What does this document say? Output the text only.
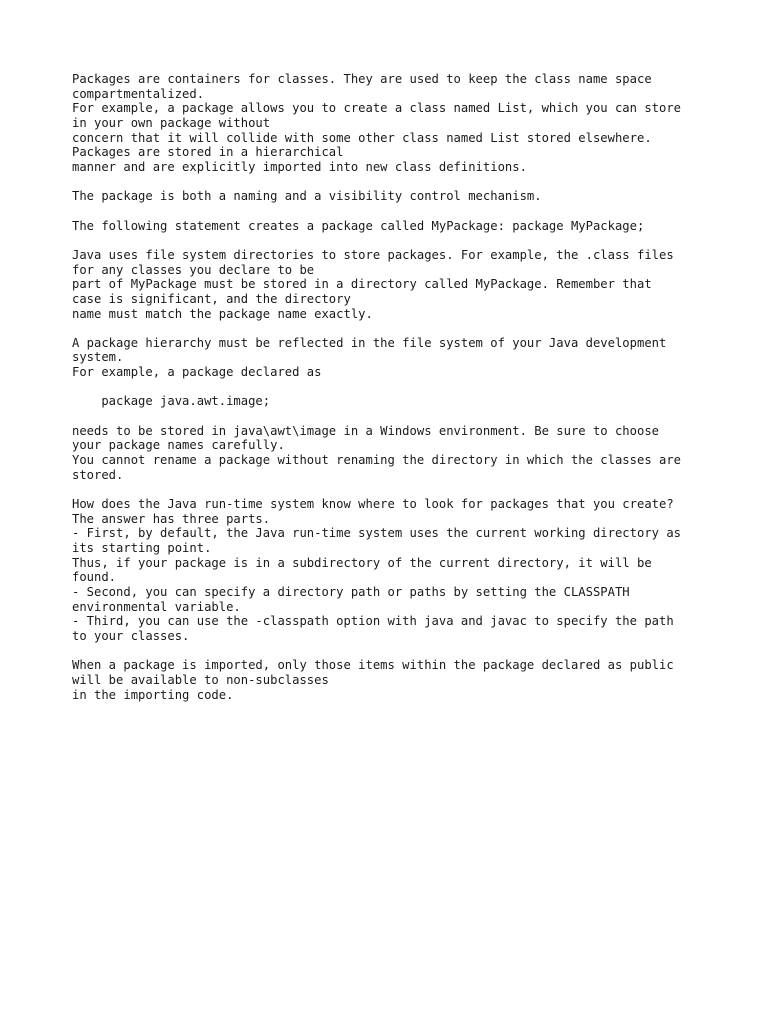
Packages are containers for classes. They are used to keep the class name space
compartmentalized.
For example, a package allows you to create a class named List, which you can store
in your own package without
concern that it will collide with some other class named List stored elsewhere.
Packages are stored in a hierarchical
manner and are explicitly imported into new class definitions.
The package is both a naming and a visibility control mechanism.
The following statement creates a package called MyPackage: package MyPackage;
Java uses file system directories to store packages. For example, the .class files
for any classes you declare to be
part of MyPackage must be stored in a directory called MyPackage. Remember that
case is significant, and the directory
name must match the package name exactly.
A package hierarchy must be reflected in the file system of your Java development
system.
For example, a package declared as
package java.awt.image;
needs to be stored in java\awt\image in a Windows environment. Be sure to choose
your package names carefully.
You cannot rename a package without renaming the directory in which the classes are
stored.
How does the Java run-time system know where to look for packages that you create?
The answer has three parts.
- First, by default, the Java run-time system uses the current working directory as
its starting point.
Thus, if your package is in a subdirectory of the current directory, it will be
found.
- Second, you can specify a directory path or paths by setting the CLASSPATH
environmental variable.
- Third, you can use the -classpath option with java and javac to specify the path
to your classes.
When a package is imported, only those items within the package declared as public
will be available to non-subclasses
in the importing code.
